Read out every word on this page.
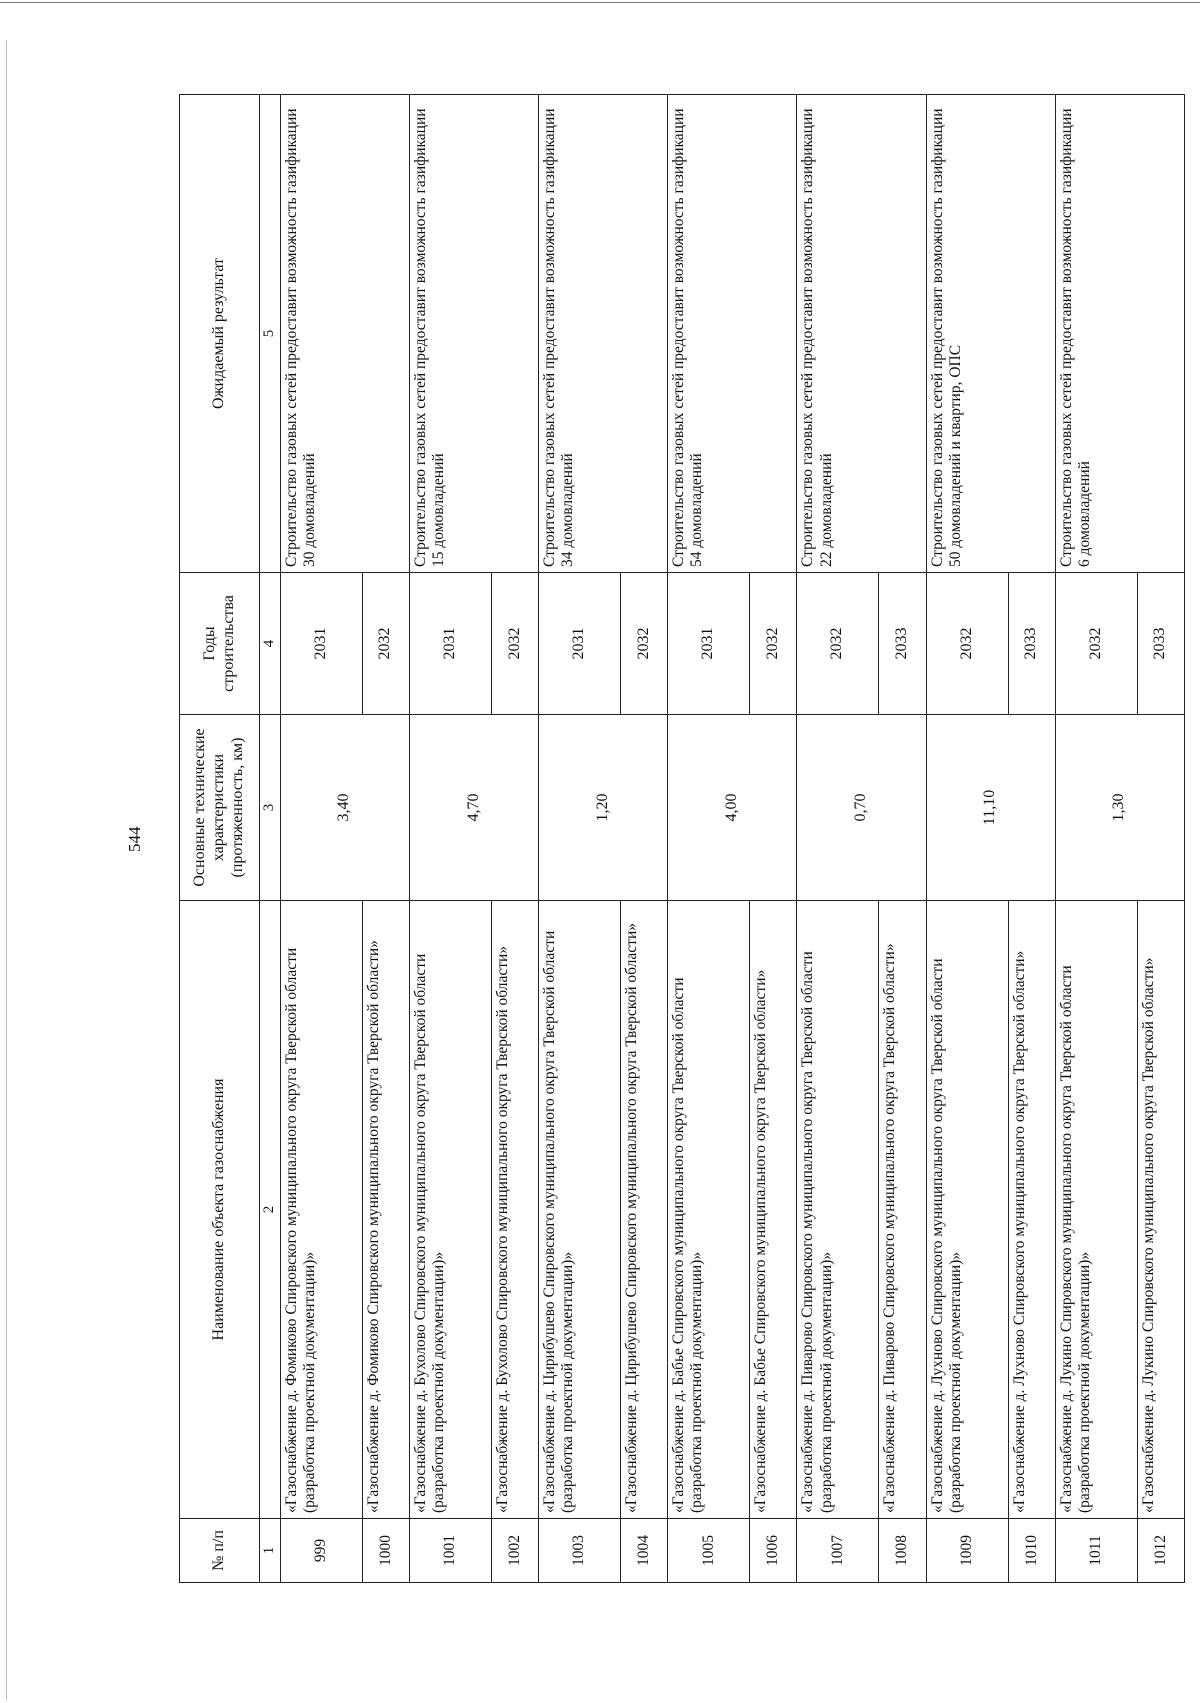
544
№ п/п	Наименование объекта газоснабжения	Основные технические характеристики (протяженность, км)	Годы строительства	Ожидаемый результат
1	2	3	4	5
999	«Газоснабжение д. Фомиково Спировского муниципального округа Тверской области (разработка проектной документации)»	3,40	2031	Строительство газовых сетей предоставит возможность газификации 30 домовладений
1000	«Газоснабжение д. Фомиково Спировского муниципального округа Тверской области»		2032	
1001	«Газоснабжение д. Бухолово Спировского муниципального округа Тверской области (разработка проектной документации)»	4,70	2031	Строительство газовых сетей предоставит возможность газификации 15 домовладений
1002	«Газоснабжение д. Бухолово Спировского муниципального округа Тверской области»		2032	
1003	«Газоснабжение д. Цирибушево Спировского муниципального округа Тверской области (разработка проектной документации)»	1,20	2031	Строительство газовых сетей предоставит возможность газификации 34 домовладений
1004	«Газоснабжение д. Цирибушево Спировского муниципального округа Тверской области»		2032	
1005	«Газоснабжение д. Бабье Спировского муниципального округа Тверской области (разработка проектной документации)»	4,00	2031	Строительство газовых сетей предоставит возможность газификации 54 домовладений
1006	«Газоснабжение д. Бабье Спировского муниципального округа Тверской области»		2032	
1007	«Газоснабжение д. Пиварово Спировского муниципального округа Тверской области (разработка проектной документации)»	0,70	2032	Строительство газовых сетей предоставит возможность газификации 22 домовладений
1008	«Газоснабжение д. Пиварово Спировского муниципального округа Тверской области»		2033	
1009	«Газоснабжение д. Лухново Спировского муниципального округа Тверской области (разработка проектной документации)»	11,10	2032	Строительство газовых сетей предоставит возможность газификации 50 домовладений и квартир, ОПС
1010	«Газоснабжение д. Лухново Спировского муниципального округа Тверской области»		2033	
1011	«Газоснабжение д. Лукино Спировского муниципального округа Тверской области (разработка проектной документации)»	1,30	2032	Строительство газовых сетей предоставит возможность газификации 6 домовладений
1012	«Газоснабжение д. Лукино Спировского муниципального округа Тверской области»		2033	
